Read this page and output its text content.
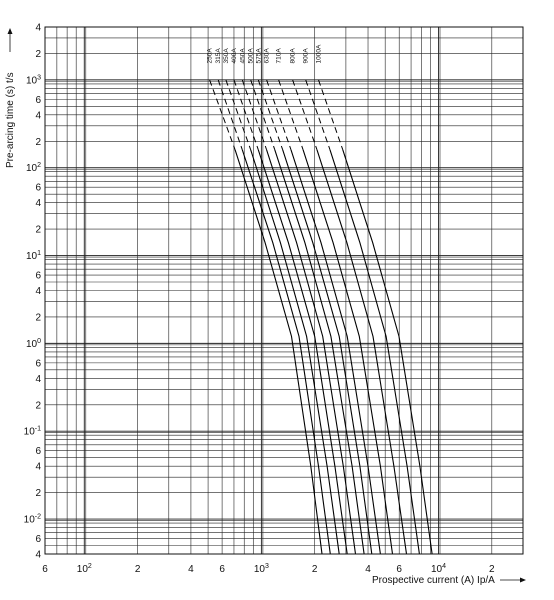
250A 315A 350A 400A 450A 500A 575A 630A 710A 800A 900A 1000A
6	$10^2$	2	4	6	$10^3$	2	4	6	$10^4$	2
4
2
$10^3$
6
4
2
$10^2$
6
4
2
$10^1$
6
4
2
$10^0$
6
4
2
$10^{-1}$
6
4
2
$10^{-2}$
6
4
Prospective current (A) Ip/A
Pre-arcing time (s) t/s
